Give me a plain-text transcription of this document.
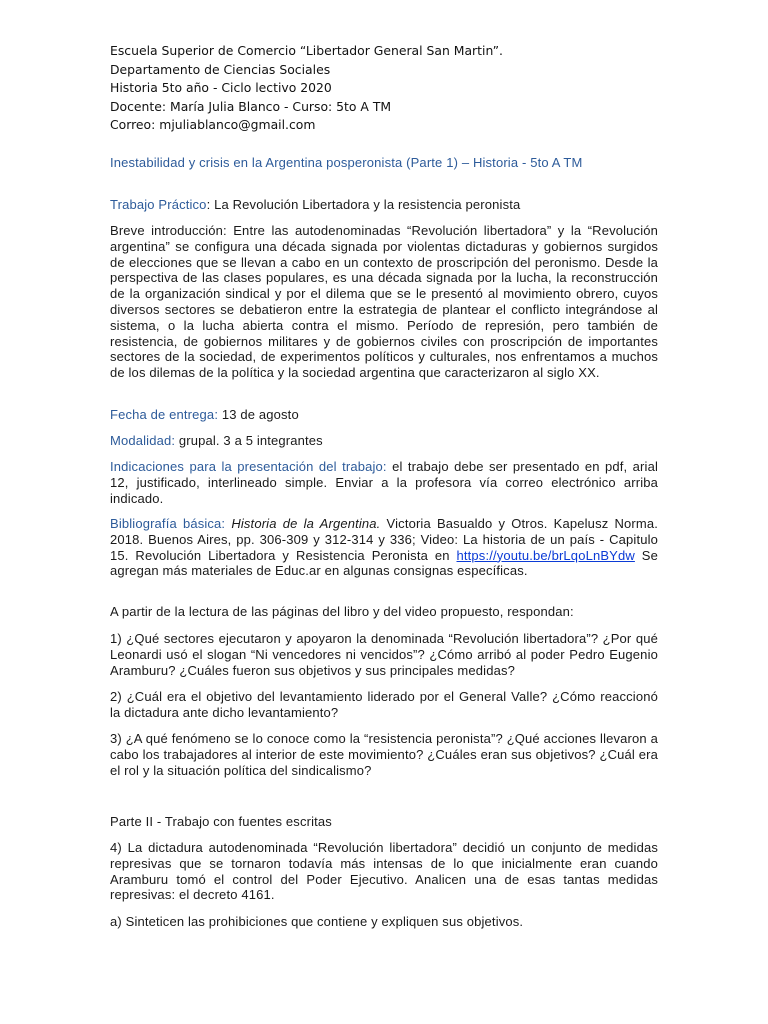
Escuela Superior de Comercio “Libertador General San Martin”.
Departamento de Ciencias Sociales
Historia 5to año - Ciclo lectivo 2020
Docente: María Julia Blanco - Curso: 5to A TM
Correo: mjuliablanco@gmail.com
Inestabilidad y crisis en la Argentina posperonista (Parte 1) – Historia - 5to A TM
Trabajo Práctico: La Revolución Libertadora y la resistencia peronista
Breve introducción: Entre las autodenominadas “Revolución libertadora” y la “Revolución argentina” se configura una década signada por violentas dictaduras y gobiernos surgidos de elecciones que se llevan a cabo en un contexto de proscripción del peronismo. Desde la perspectiva de las clases populares, es una década signada por la lucha, la reconstrucción de la organización sindical y por el dilema que se le presentó al movimiento obrero, cuyos diversos sectores se debatieron entre la estrategia de plantear el conflicto integrándose al sistema, o la lucha abierta contra el mismo. Período de represión, pero también de resistencia, de gobiernos militares y de gobiernos civiles con proscripción de importantes sectores de la sociedad, de experimentos políticos y culturales, nos enfrentamos a muchos de los dilemas de la política y la sociedad argentina que caracterizaron al siglo XX.
Fecha de entrega: 13 de agosto
Modalidad: grupal. 3 a 5 integrantes
Indicaciones para la presentación del trabajo: el trabajo debe ser presentado en pdf, arial 12, justificado, interlineado simple. Enviar a la profesora vía correo electrónico arriba indicado.
Bibliografía básica: Historia de la Argentina. Victoria Basualdo y Otros. Kapelusz Norma. 2018. Buenos Aires, pp. 306-309 y 312-314 y 336; Video: La historia de un país - Capitulo 15. Revolución Libertadora y Resistencia Peronista en https://youtu.be/brLqoLnBYdw Se agregan más materiales de Educ.ar en algunas consignas específicas.
A partir de la lectura de las páginas del libro y del video propuesto, respondan:
1) ¿Qué sectores ejecutaron y apoyaron la denominada “Revolución libertadora”? ¿Por qué Leonardi usó el slogan “Ni vencedores ni vencidos”? ¿Cómo arribó al poder Pedro Eugenio Aramburu? ¿Cuáles fueron sus objetivos y sus principales medidas?
2) ¿Cuál era el objetivo del levantamiento liderado por el General Valle? ¿Cómo reaccionó la dictadura ante dicho levantamiento?
3) ¿A qué fenómeno se lo conoce como la “resistencia peronista”? ¿Qué acciones llevaron a cabo los trabajadores al interior de este movimiento? ¿Cuáles eran sus objetivos? ¿Cuál era el rol y la situación política del sindicalismo?
Parte II - Trabajo con fuentes escritas
4) La dictadura autodenominada “Revolución libertadora” decidió un conjunto de medidas represivas que se tornaron todavía más intensas de lo que inicialmente eran cuando Aramburu tomó el control del Poder Ejecutivo. Analicen una de esas tantas medidas represivas: el decreto 4161.
a) Sinteticen las prohibiciones que contiene y expliquen sus objetivos.
